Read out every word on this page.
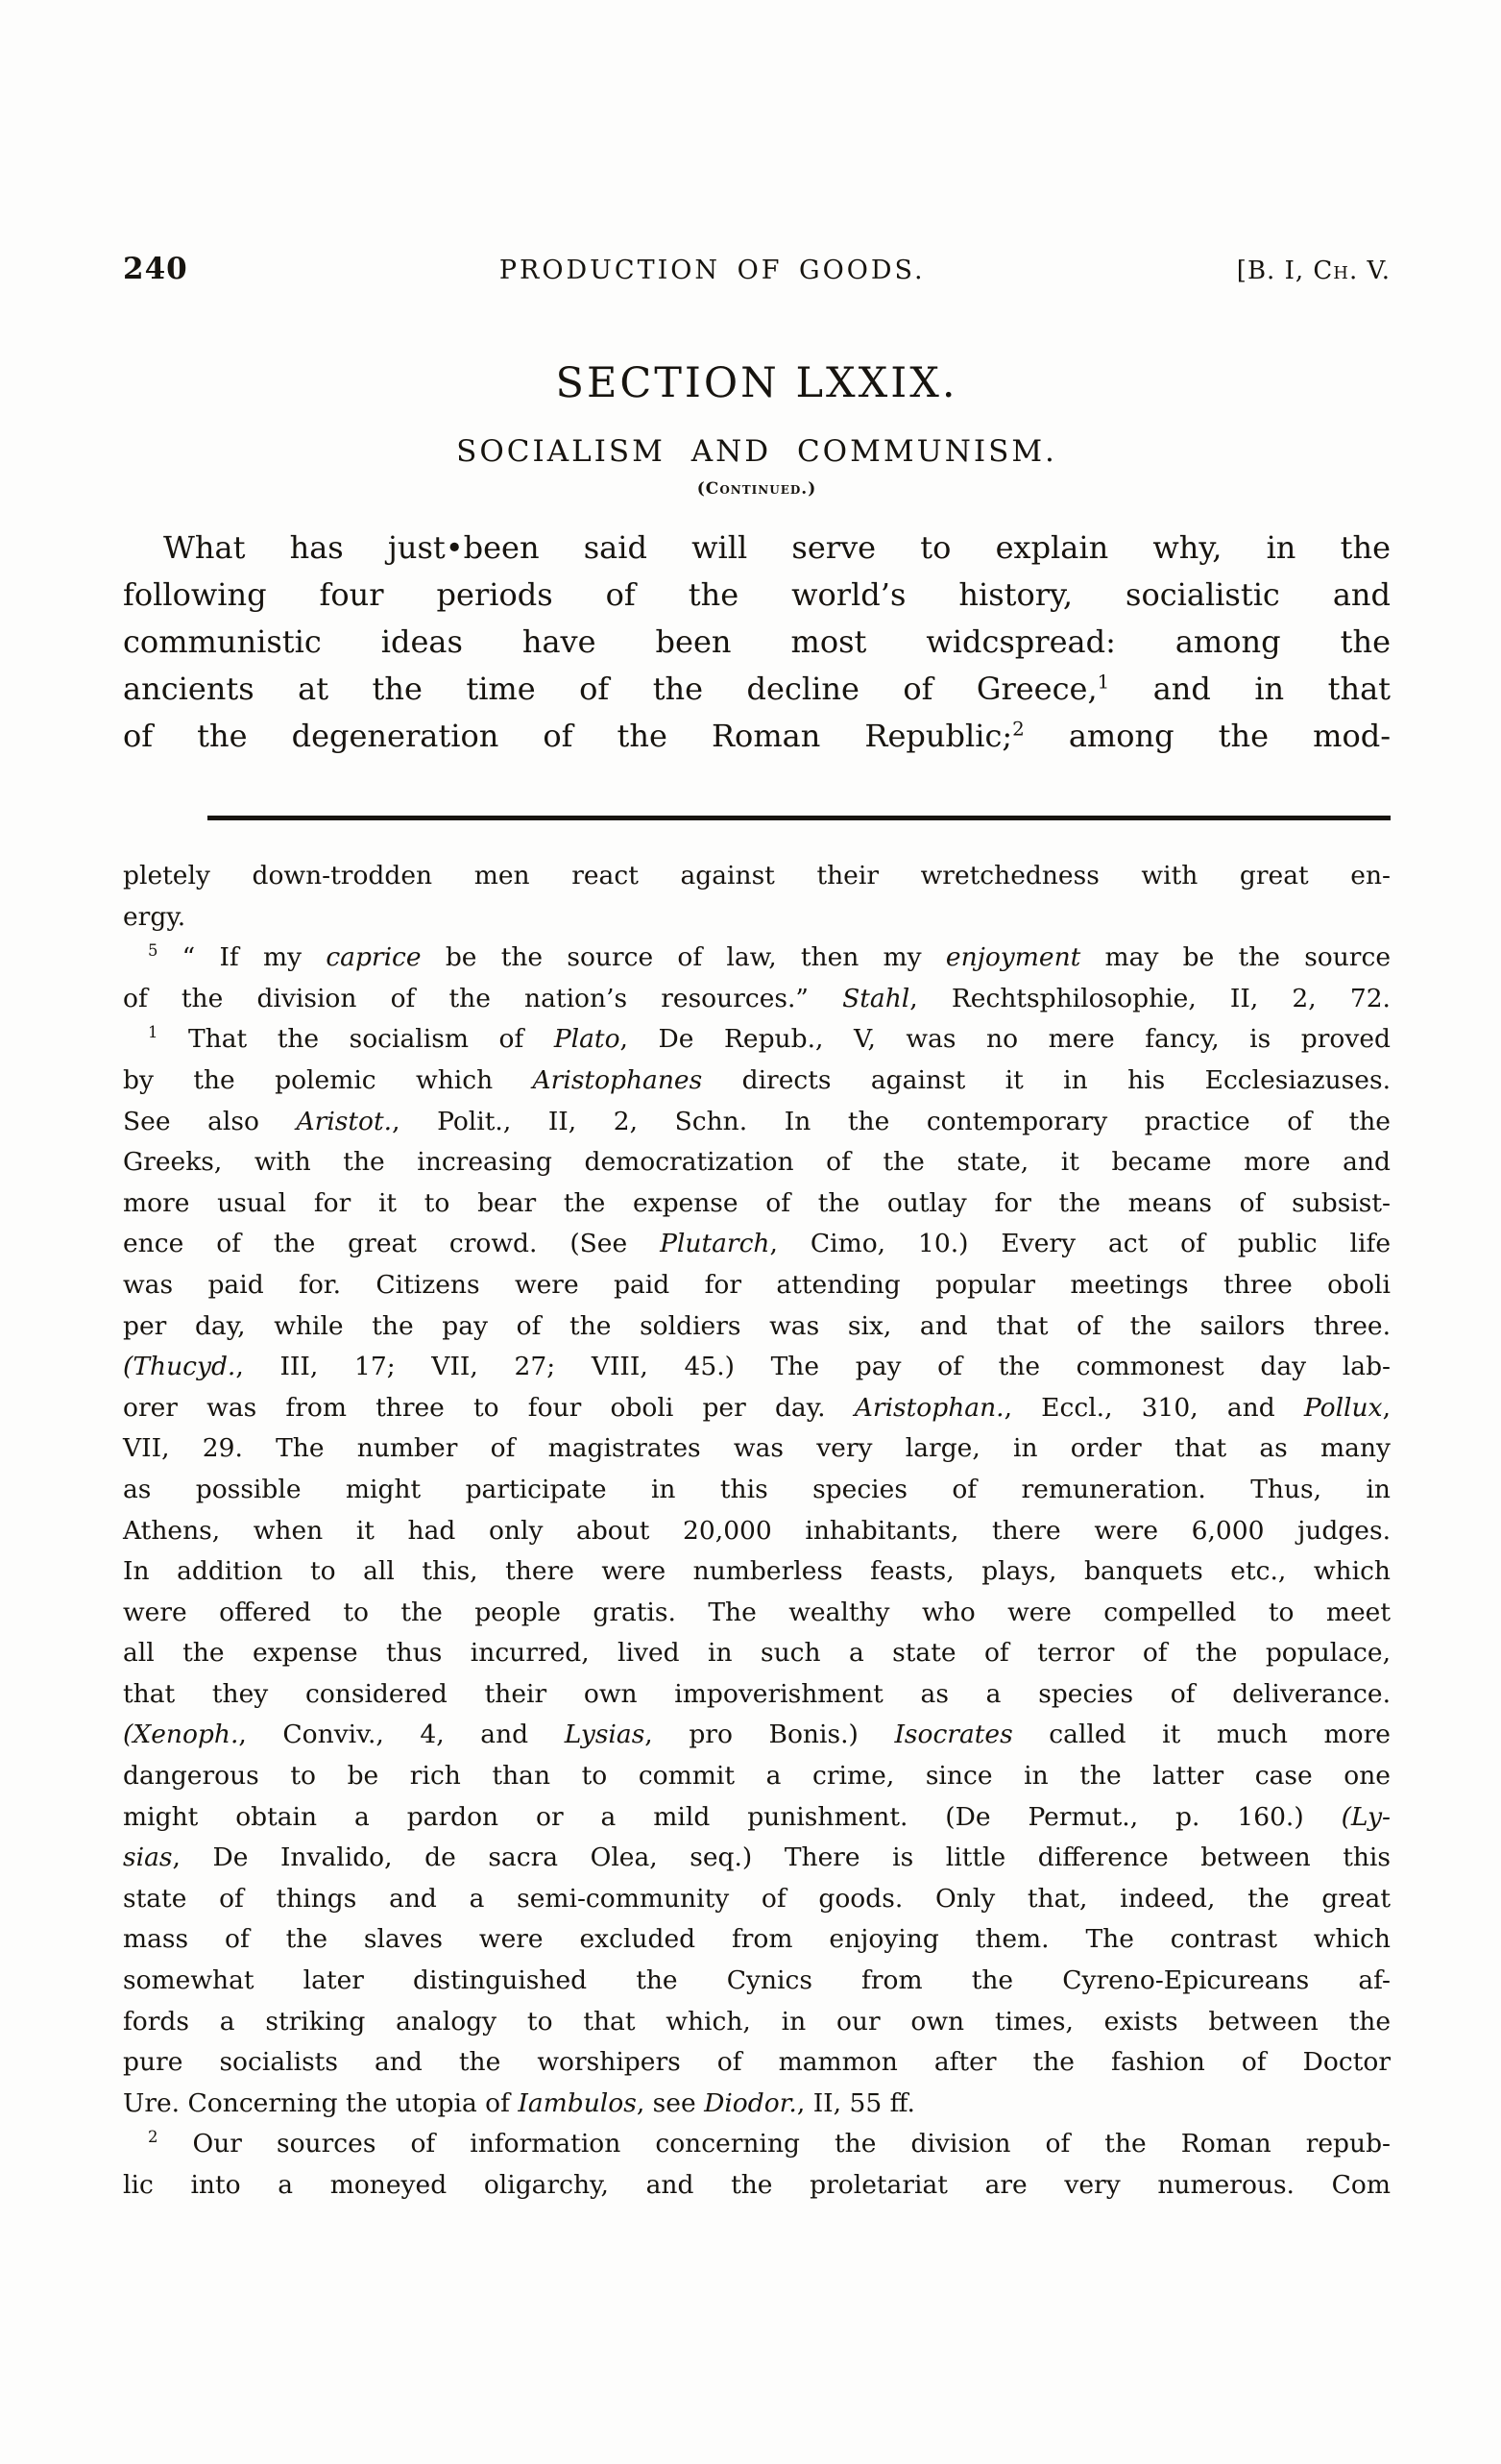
240	PRODUCTION OF GOODS.	[B. I, Ch. V.
SECTION LXXIX.
SOCIALISM AND COMMUNISM.
(Continued.)
What has just•been said will serve to explain why, in the
following four periods of the world’s history, socialistic and
communistic ideas have been most widcspread: among the
ancients at the time of the decline of Greece,$^1$ and in that
of the degeneration of the Roman Republic;$^2$ among the mod-
pletely down-trodden men react against their wretchedness with great en-
ergy.
$^5$ “ If my caprice be the source of law, then my enjoyment may be the source
of the division of the nation’s resources.” Stahl, Rechtsphilosophie, II, 2, 72.
$^1$ That the socialism of Plato, De Repub., V, was no mere fancy, is proved
by the polemic which Aristophanes directs against it in his Ecclesiazuses.
See also Aristot., Polit., II, 2, Schn. In the contemporary practice of the
Greeks, with the increasing democratization of the state, it became more and
more usual for it to bear the expense of the outlay for the means of subsist-
ence of the great crowd. (See Plutarch, Cimo, 10.) Every act of public life
was paid for. Citizens were paid for attending popular meetings three oboli
per day, while the pay of the soldiers was six, and that of the sailors three.
(Thucyd., III, 17; VII, 27; VIII, 45.) The pay of the commonest day lab-
orer was from three to four oboli per day. Aristophan., Eccl., 310, and Pollux,
VII, 29. The number of magistrates was very large, in order that as many
as possible might participate in this species of remuneration. Thus, in
Athens, when it had only about 20,000 inhabitants, there were 6,000 judges.
In addition to all this, there were numberless feasts, plays, banquets etc., which
were offered to the people gratis. The wealthy who were compelled to meet
all the expense thus incurred, lived in such a state of terror of the populace,
that they considered their own impoverishment as a species of deliverance.
(Xenoph., Conviv., 4, and Lysias, pro Bonis.) Isocrates called it much more
dangerous to be rich than to commit a crime, since in the latter case one
might obtain a pardon or a mild punishment. (De Permut., p. 160.) (Ly-
sias, De Invalido, de sacra Olea, seq.) There is little difference between this
state of things and a semi-community of goods. Only that, indeed, the great
mass of the slaves were excluded from enjoying them. The contrast which
somewhat later distinguished the Cynics from the Cyreno-Epicureans af-
fords a striking analogy to that which, in our own times, exists between the
pure socialists and the worshipers of mammon after the fashion of Doctor
Ure. Concerning the utopia of Iambulos, see Diodor., II, 55 ff.
$^2$ Our sources of information concerning the division of the Roman repub-
lic into a moneyed oligarchy, and the proletariat are very numerous. Com
